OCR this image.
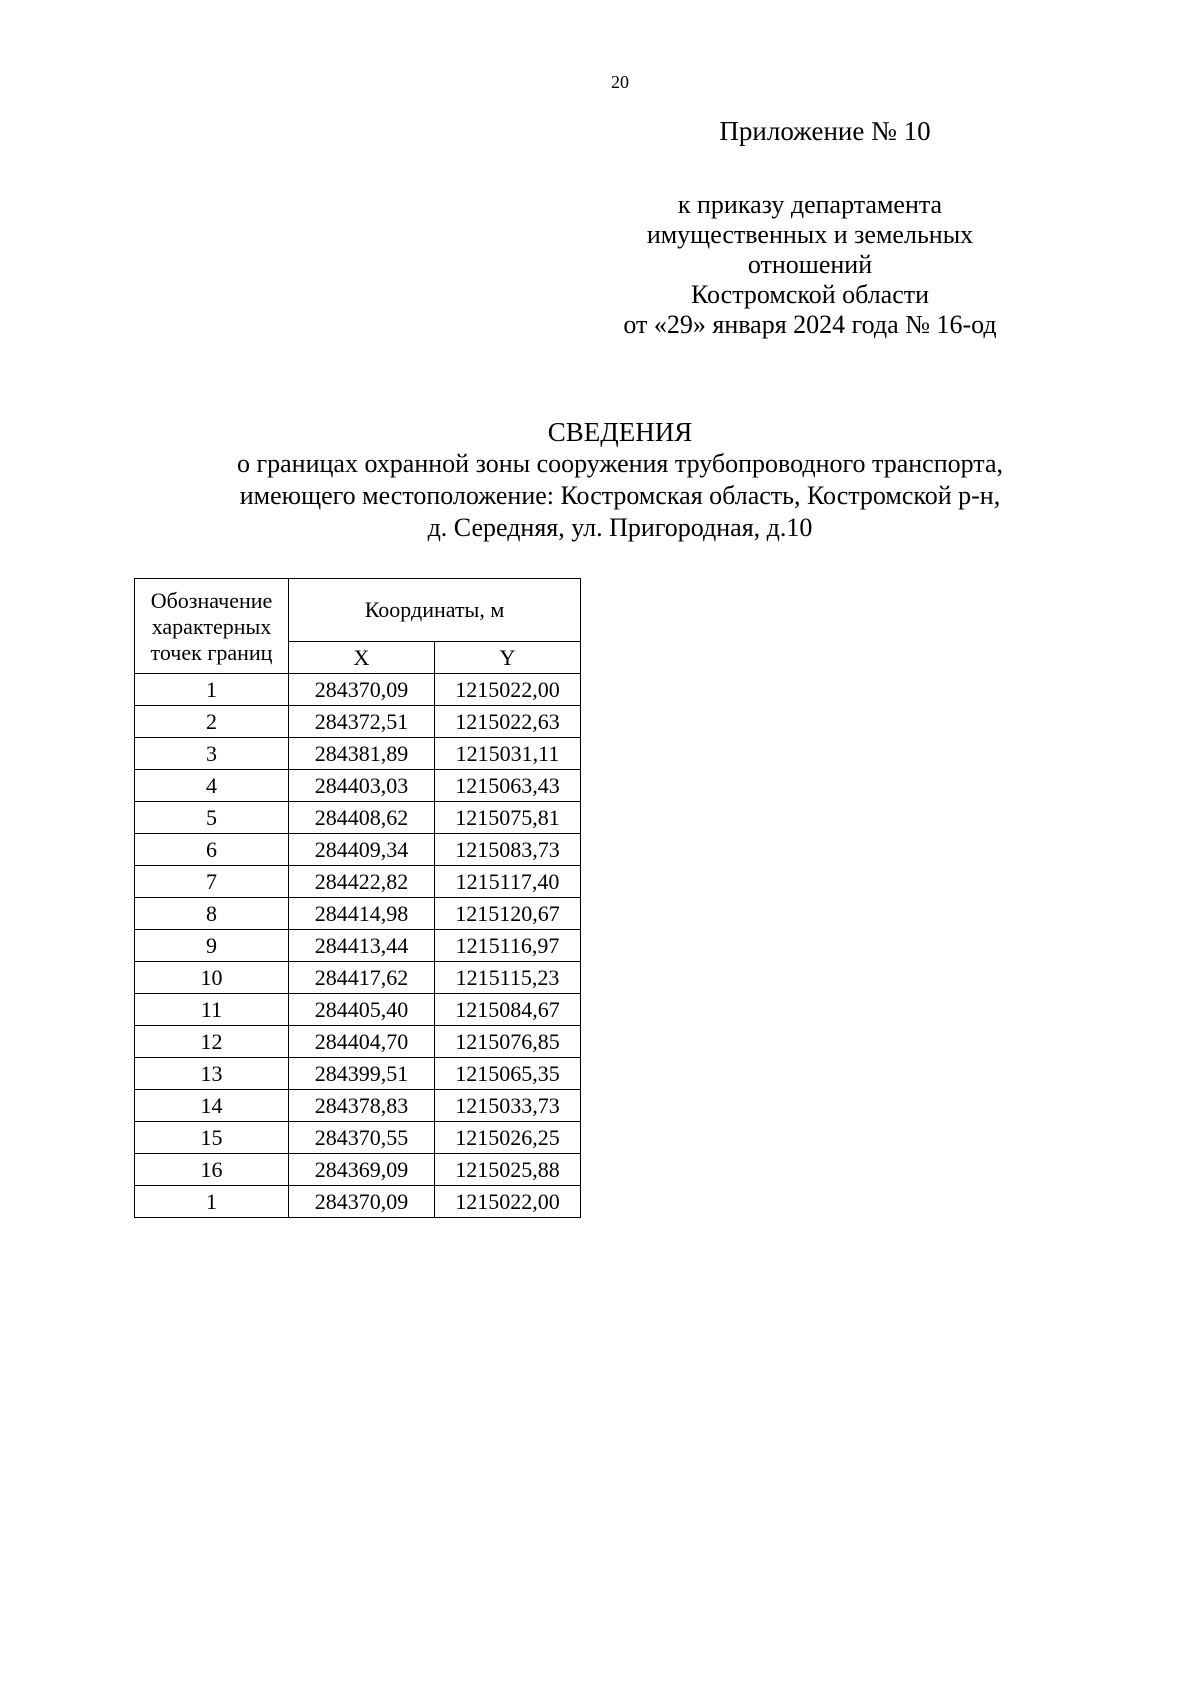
20
Приложение № 10
к приказу департамента
имущественных и земельных
отношений
Костромской области
от «29» января 2024 года № 16-од
СВЕДЕНИЯ
о границах охранной зоны сооружения трубопроводного транспорта,
имеющего местоположение: Костромская область, Костромской р-н,
д. Середняя, ул. Пригородная, д.10
Обозначение
характерных
точек границ	Координаты, м	
	X	Y
1	284370,09	1215022,00
2	284372,51	1215022,63
3	284381,89	1215031,11
4	284403,03	1215063,43
5	284408,62	1215075,81
6	284409,34	1215083,73
7	284422,82	1215117,40
8	284414,98	1215120,67
9	284413,44	1215116,97
10	284417,62	1215115,23
11	284405,40	1215084,67
12	284404,70	1215076,85
13	284399,51	1215065,35
14	284378,83	1215033,73
15	284370,55	1215026,25
16	284369,09	1215025,88
1	284370,09	1215022,00
